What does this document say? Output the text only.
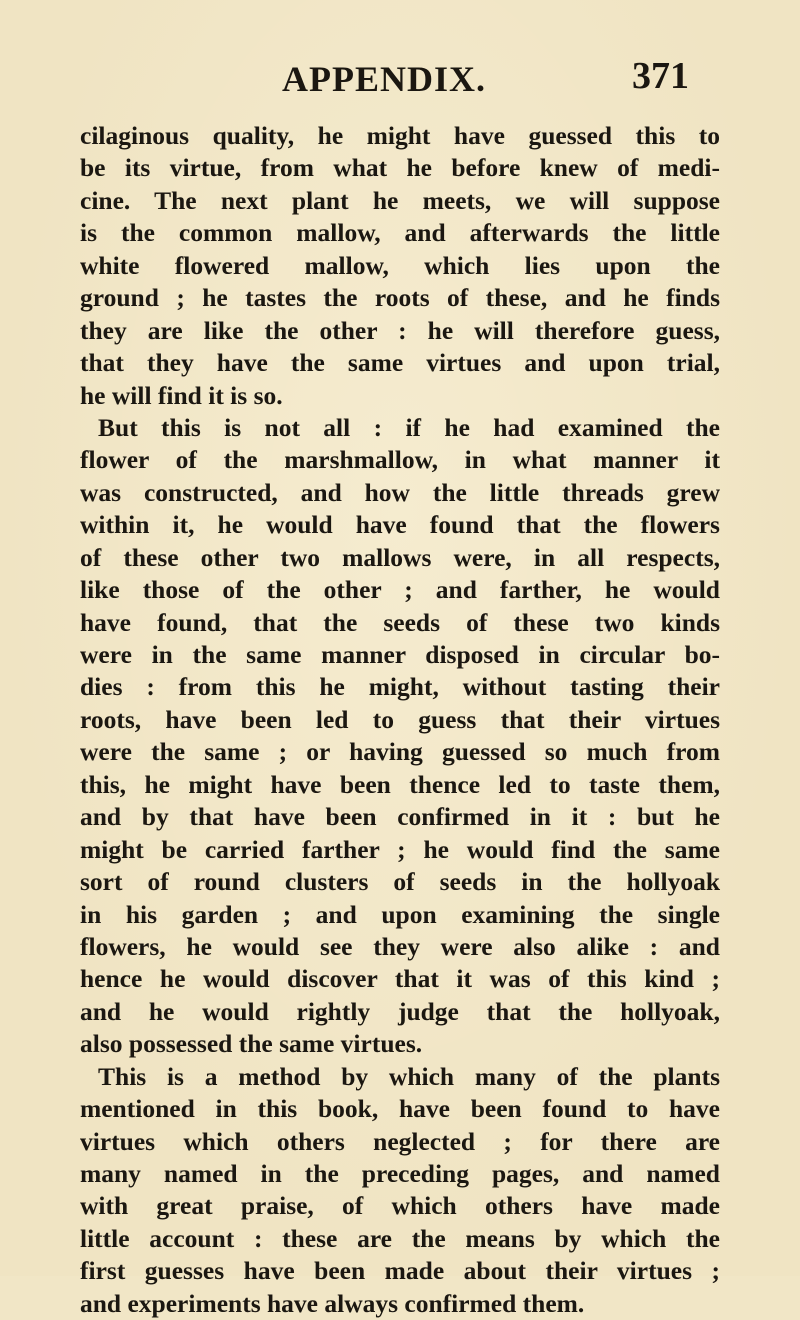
APPENDIX.	371
cilaginous quality, he might have guessed this to
be its virtue, from what he before knew of medi-
cine. The next plant he meets, we will suppose
is the common mallow, and afterwards the little
white flowered mallow, which lies upon the
ground ; he tastes the roots of these, and he finds
they are like the other : he will therefore guess,
that they have the same virtues and upon trial,
he will find it is so.
But this is not all : if he had examined the
flower of the marshmallow, in what manner it
was constructed, and how the little threads grew
within it, he would have found that the flowers
of these other two mallows were, in all respects,
like those of the other ; and farther, he would
have found, that the seeds of these two kinds
were in the same manner disposed in circular bo-
dies : from this he might, without tasting their
roots, have been led to guess that their virtues
were the same ; or having guessed so much from
this, he might have been thence led to taste them,
and by that have been confirmed in it : but he
might be carried farther ; he would find the same
sort of round clusters of seeds in the hollyoak
in his garden ; and upon examining the single
flowers, he would see they were also alike : and
hence he would discover that it was of this kind ;
and he would rightly judge that the hollyoak,
also possessed the same virtues.
This is a method by which many of the plants
mentioned in this book, have been found to have
virtues which others neglected ; for there are
many named in the preceding pages, and named
with great praise, of which others have made
little account : these are the means by which the
first guesses have been made about their virtues ;
and experiments have always confirmed them.
